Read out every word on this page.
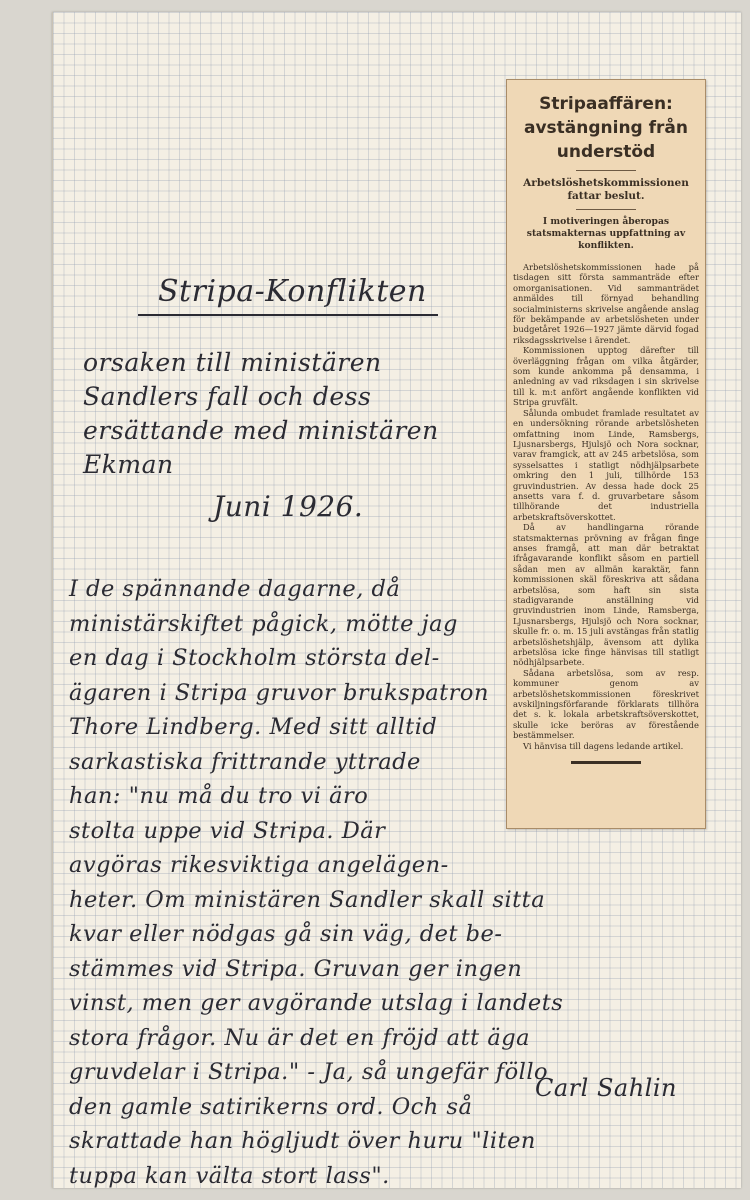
Stripa-Konflikten
orsaken till ministären
Sandlers fall och dess
ersättande med ministären
Ekman
Juni 1926.
I de spännande dagarne, då
ministärskiftet pågick, mötte jag
en dag i Stockholm största del-
ägaren i Stripa gruvor brukspatron
Thore Lindberg. Med sitt alltid
sarkastiska frittrande yttrade
han: "nu må du tro vi äro
stolta uppe vid Stripa. Där
avgöras rikesviktiga angelägen-
heter. Om ministären Sandler skall sitta
kvar eller nödgas gå sin väg, det be-
stämmes vid Stripa. Gruvan ger ingen
vinst, men ger avgörande utslag i landets
stora frågor. Nu är det en fröjd att äga
gruvdelar i Stripa." - Ja, så ungefär föllo
den gamle satirikerns ord. Och så
skrattade han högljudt över huru "liten
tuppa kan välta stort lass".
Carl Sahlin
Stripaaffären: avstängning från understöd
Arbetslöshetskommissionen fattar beslut.
I motiveringen åberopas statsmakternas uppfattning av konflikten.
Arbetslöshetskommissionen hade på tisdagen sitt första sammanträde efter omorganisationen. Vid sammanträdet anmäldes till förnyad behandling socialministerns skrivelse angående anslag för bekämpande av arbetslösheten under budgetåret 1926—1927 jämte därvid fogad riksdagsskrivelse i ärendet.
Kommissionen upptog därefter till överläggning frågan om vilka åtgärder, som kunde ankomma på densamma, i anledning av vad riksdagen i sin skrivelse till k. m:t anfört angående konflikten vid Stripa gruvfält.
Sålunda ombudet framlade resultatet av en undersökning rörande arbetslösheten omfattning inom Linde, Ramsbergs, Ljusnarsbergs, Hjulsjö och Nora socknar, varav framgick, att av 245 arbetslösa, som sysselsattes i statligt nödhjälpsarbete omkring den 1 juli, tillhörde 153 gruvindustrien. Av dessa hade dock 25 ansetts vara f. d. gruvarbetare såsom tillhörande det industriella arbetskraftsöverskottet.
Då av handlingarna rörande statsmakternas prövning av frågan finge anses framgå, att man där betraktat ifrågavarande konflikt såsom en partiell sådan men av allmän karaktär, fann kommissionen skäl föreskriva att sådana arbetslösa, som haft sin sista stadigvarande anställning vid gruvindustrien inom Linde, Ramsberga, Ljusnarsbergs, Hjulsjö och Nora socknar, skulle fr. o. m. 15 juli avstängas från statlig arbetslöshetshjälp, ävensom att dylika arbetslösa icke finge hänvisas till statligt nödhjälpsarbete.
Sådana arbetslösa, som av resp. kommuner genom av arbetslöshetskommissionen föreskrivet avskiljningsförfarande förklarats tillhöra det s. k. lokala arbetskraftsöverskottet, skulle icke beröras av förestående bestämmelser.
Vi hänvisa till dagens ledande artikel.
